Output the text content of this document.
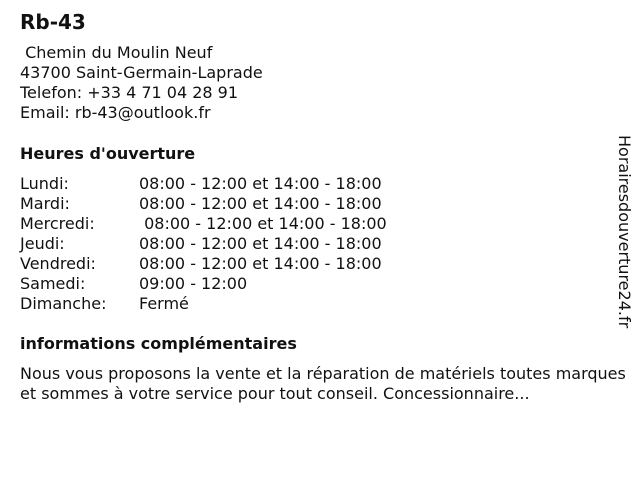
Rb-43
Chemin du Moulin Neuf
43700 Saint-Germain-Laprade
Telefon: +33 4 71 04 28 91
Email: rb-43@outlook.fr
Heures d'ouverture
Lundi:	08:00 - 12:00 et 14:00 - 18:00
Mardi:	08:00 - 12:00 et 14:00 - 18:00
Mercredi:	08:00 - 12:00 et 14:00 - 18:00
Jeudi:	08:00 - 12:00 et 14:00 - 18:00
Vendredi:	08:00 - 12:00 et 14:00 - 18:00
Samedi:	09:00 - 12:00
Dimanche:	Fermé
informations complémentaires
Nous vous proposons la vente et la réparation de matériels toutes marques et sommes à votre service pour tout conseil. Concessionnaire...
Horairesdouverture24.fr
